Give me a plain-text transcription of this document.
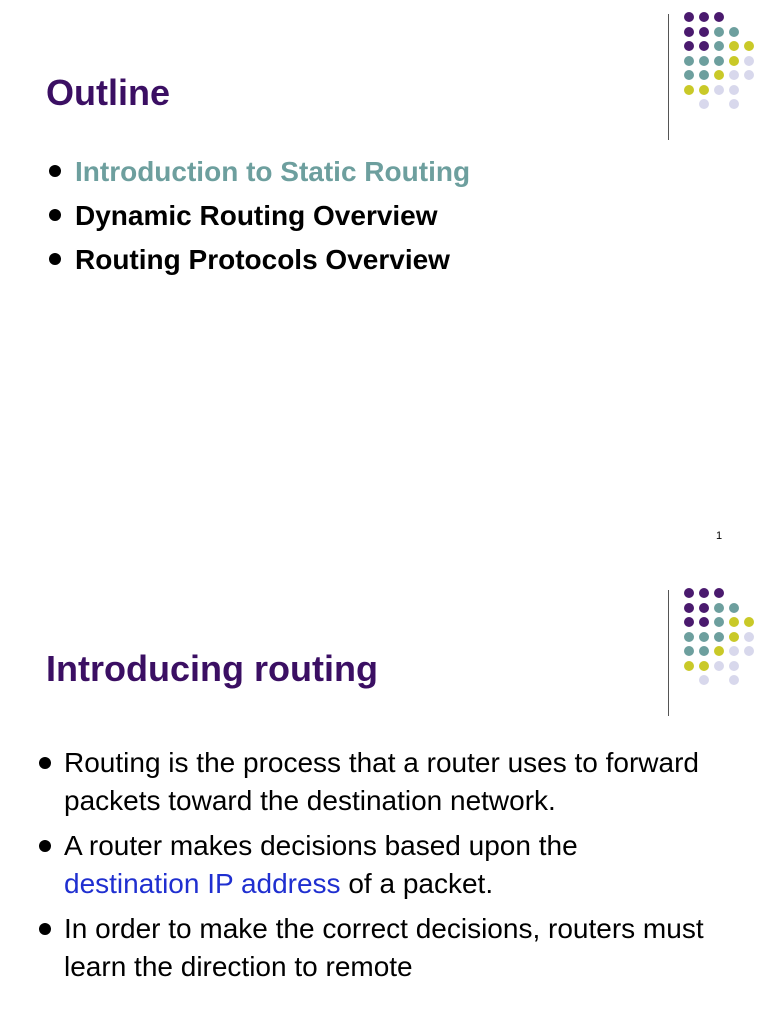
Outline
Introduction to Static Routing
Dynamic Routing Overview
Routing Protocols Overview
1
Introducing routing
Routing is the process that a router uses to forward packets toward the destination network.
A router makes decisions based upon the destination IP address of a packet.
In order to make the correct decisions, routers must learn the direction to remote
